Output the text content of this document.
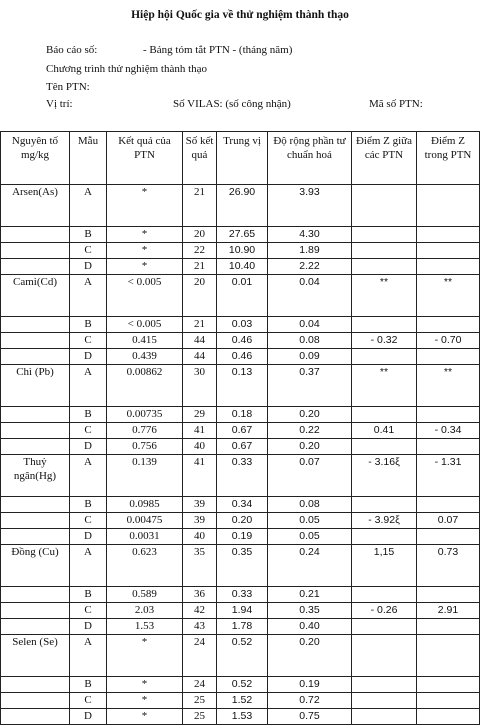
Hiệp hội Quốc gia về thử nghiệm thành thạo
Báo cáo số:	- Bảng tóm tắt PTN - (tháng năm)
Chương trình thử nghiệm thành thạo
Tên PTN:
Vị trí:	Số VILAS: (số công nhận)	Mã số PTN:
Nguyên tố mg/kg	Mẫu	Kết quả của PTN	Số kết quả	Trung vị	Độ rộng phần tư chuẩn hoá	Điểm Z giữa các PTN	Điểm Z trong PTN
Arsen(As)	A	*	21	26.90	3.93		
	B	*	20	27.65	4.30		
	C	*	22	10.90	1.89		
	D	*	21	10.40	2.22		
Cami(Cd)	A	< 0.005	20	0.01	0.04	**	**
	B	< 0.005	21	0.03	0.04		
	C	0.415	44	0.46	0.08	- 0.32	- 0.70
	D	0.439	44	0.46	0.09		
Chì (Pb)	A	0.00862	30	0.13	0.37	**	**
	B	0.00735	29	0.18	0.20		
	C	0.776	41	0.67	0.22	0.41	- 0.34
	D	0.756	40	0.67	0.20		
Thuỷ ngân(Hg)	A	0.139	41	0.33	0.07	- 3.16ξ	- 1.31
	B	0.0985	39	0.34	0.08		
	C	0.00475	39	0.20	0.05	- 3.92ξ	0.07
	D	0.0031	40	0.19	0.05		
Đồng (Cu)	A	0.623	35	0.35	0.24	1,15	0.73
	B	0.589	36	0.33	0.21		
	C	2.03	42	1.94	0.35	- 0.26	2.91
	D	1.53	43	1.78	0.40		
Selen (Se)	A	*	24	0.52	0.20		
	B	*	24	0.52	0.19		
	C	*	25	1.52	0.72		
	D	*	25	1.53	0.75		
